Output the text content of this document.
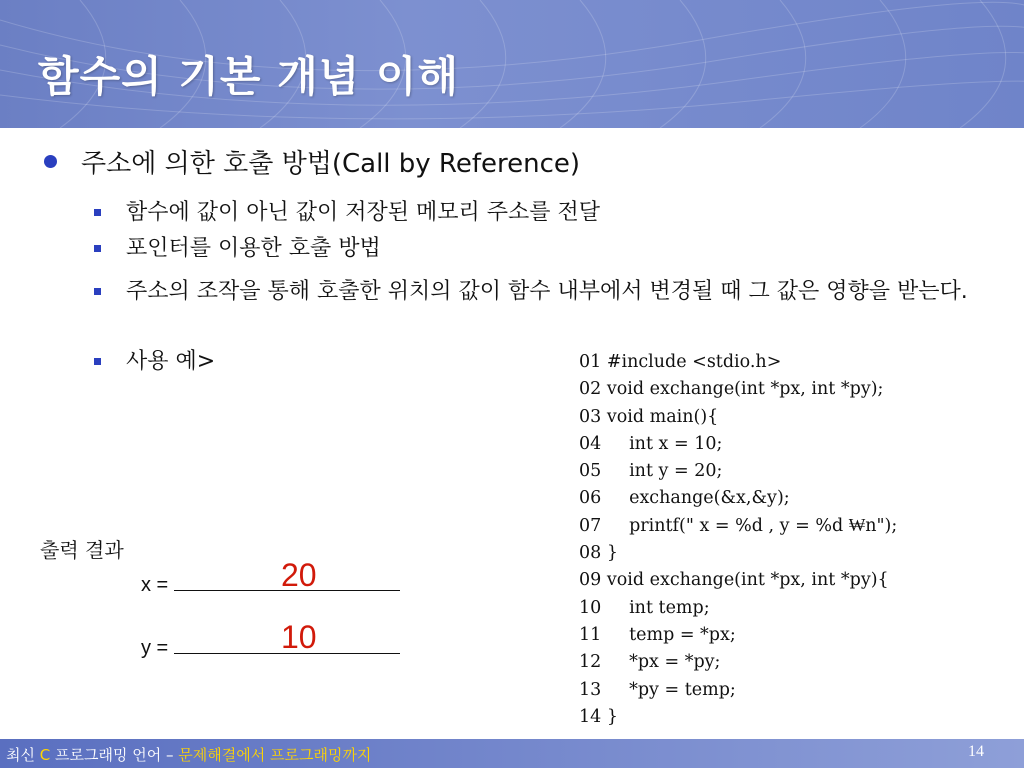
함수의 기본 개념 이해
주소에 의한 호출 방법(Call by Reference)
함수에 값이 아닌 값이 저장된 메모리 주소를 전달
포인터를 이용한 호출 방법
주소의 조작을 통해 호출한 위치의 값이 함수 내부에서 변경될 때 그 값은 영향을 받는다.
사용 예>	01 #include <stdio.h>
02 void exchange(int *px, int *py);
03 void main(){
04     int x = 10;
05     int y = 20;
06     exchange(&x,&y);
07     printf(" x = %d , y = %d ₩n");
08 }
09 void exchange(int *px, int *py){
10     int temp;
11     temp = *px;
12     *px = *py;
13     *py = temp;
14 }
출력 결과
x =	20
y =	10
최신 C 프로그래밍 언어 – 문제해결에서 프로그래밍까지	14
